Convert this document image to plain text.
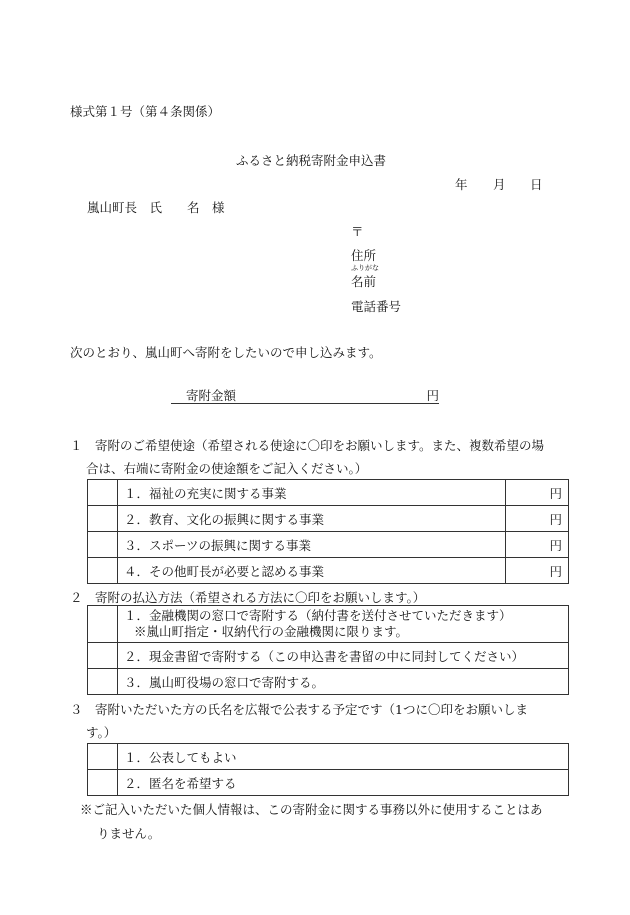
様式第１号（第４条関係）
ふるさと納税寄附金申込書
年 月 日
嵐山町長　氏　　名　様
〒
住所
ふりがな
名前
電話番号
次のとおり、嵐山町へ寄附をしたいので申し込みます。
寄附金額	円
１　寄附のご希望使途（希望される使途に〇印をお願いします。また、複数希望の場
合は、右端に寄附金の使途額をご記入ください。）
	１．福祉の充実に関する事業	円
	２．教育、文化の振興に関する事業	円
	３．スポーツの振興に関する事業	円
	４．その他町長が必要と認める事業	円
２　寄附の払込方法（希望される方法に〇印をお願いします。）
	１．金融機関の窓口で寄附する（納付書を送付させていただきます）
※嵐山町指定・収納代行の金融機関に限ります。

	２．現金書留で寄附する（この申込書を書留の中に同封してください）
	３．嵐山町役場の窓口で寄附する。
３　寄附いただいた方の氏名を広報で公表する予定です（1つに〇印をお願いしま
す。）
	１．公表してもよい
	２．匿名を希望する
※ご記入いただいた個人情報は、この寄附金に関する事務以外に使用することはあ
りません。
